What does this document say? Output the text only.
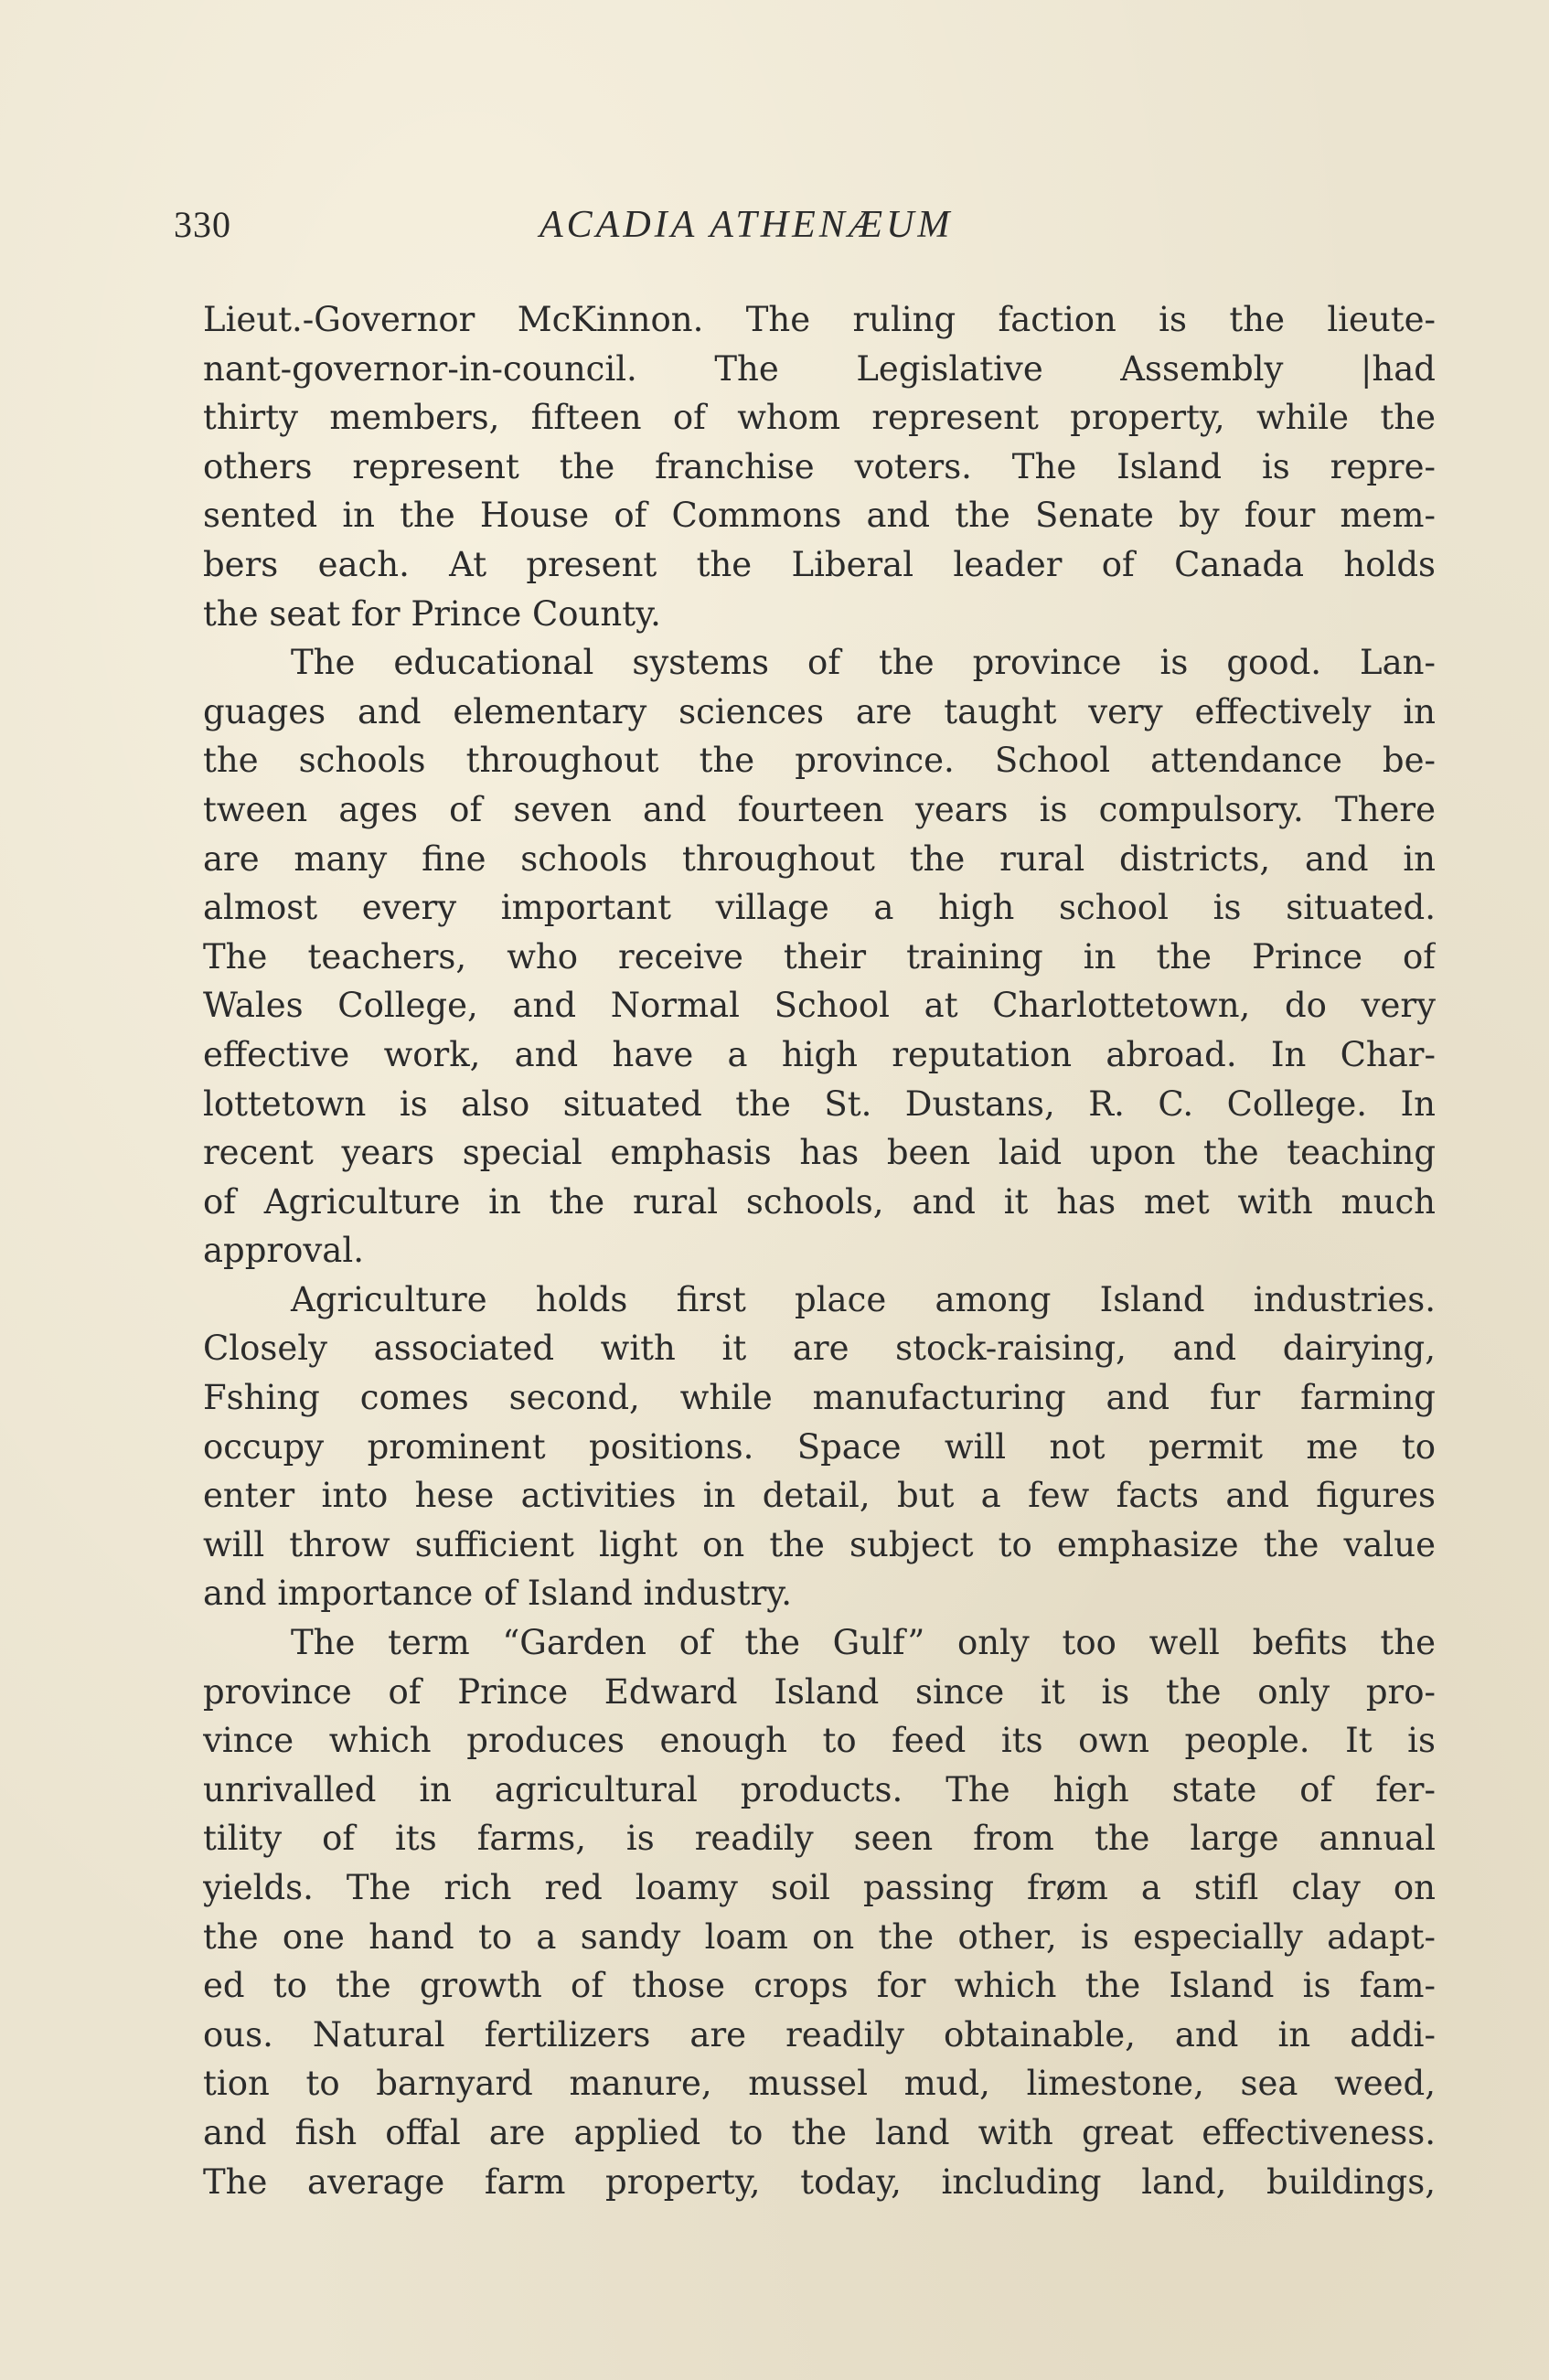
330	ACADIA ATHENÆUM
Lieut.-Governor McKinnon. The ruling faction is the lieute-
nant-governor-in-council. The Legislative Assembly |had
thirty members, fifteen of whom represent property, while the
others represent the franchise voters. The Island is repre-
sented in the House of Commons and the Senate by four mem-
bers each. At present the Liberal leader of Canada holds
the seat for Prince County.
The educational systems of the province is good. Lan-
guages and elementary sciences are taught very effectively in
the schools throughout the province. School attendance be-
tween ages of seven and fourteen years is compulsory. There
are many fine schools throughout the rural districts, and in
almost every important village a high school is situated.
The teachers, who receive their training in the Prince of
Wales College, and Normal School at Charlottetown, do very
effective work, and have a high reputation abroad. In Char-
lottetown is also situated the St. Dustans, R. C. College. In
recent years special emphasis has been laid upon the teaching
of Agriculture in the rural schools, and it has met with much
approval.
Agriculture holds first place among Island industries.
Closely associated with it are stock-raising, and dairying,
Fshing comes second, while manufacturing and fur farming
occupy prominent positions. Space will not permit me to
enter into hese activities in detail, but a few facts and figures
will throw sufficient light on the subject to emphasize the value
and importance of Island industry.
The term “Garden of the Gulf” only too well befits the
province of Prince Edward Island since it is the only pro-
vince which produces enough to feed its own people. It is
unrivalled in agricultural products. The high state of fer-
tility of its farms, is readily seen from the large annual
yields. The rich red loamy soil passing frøm a stifl clay on
the one hand to a sandy loam on the other, is especially adapt-
ed to the growth of those crops for which the Island is fam-
ous. Natural fertilizers are readily obtainable, and in addi-
tion to barnyard manure, mussel mud, limestone, sea weed,
and fish offal are applied to the land with great effectiveness.
The average farm property, today, including land, buildings,
